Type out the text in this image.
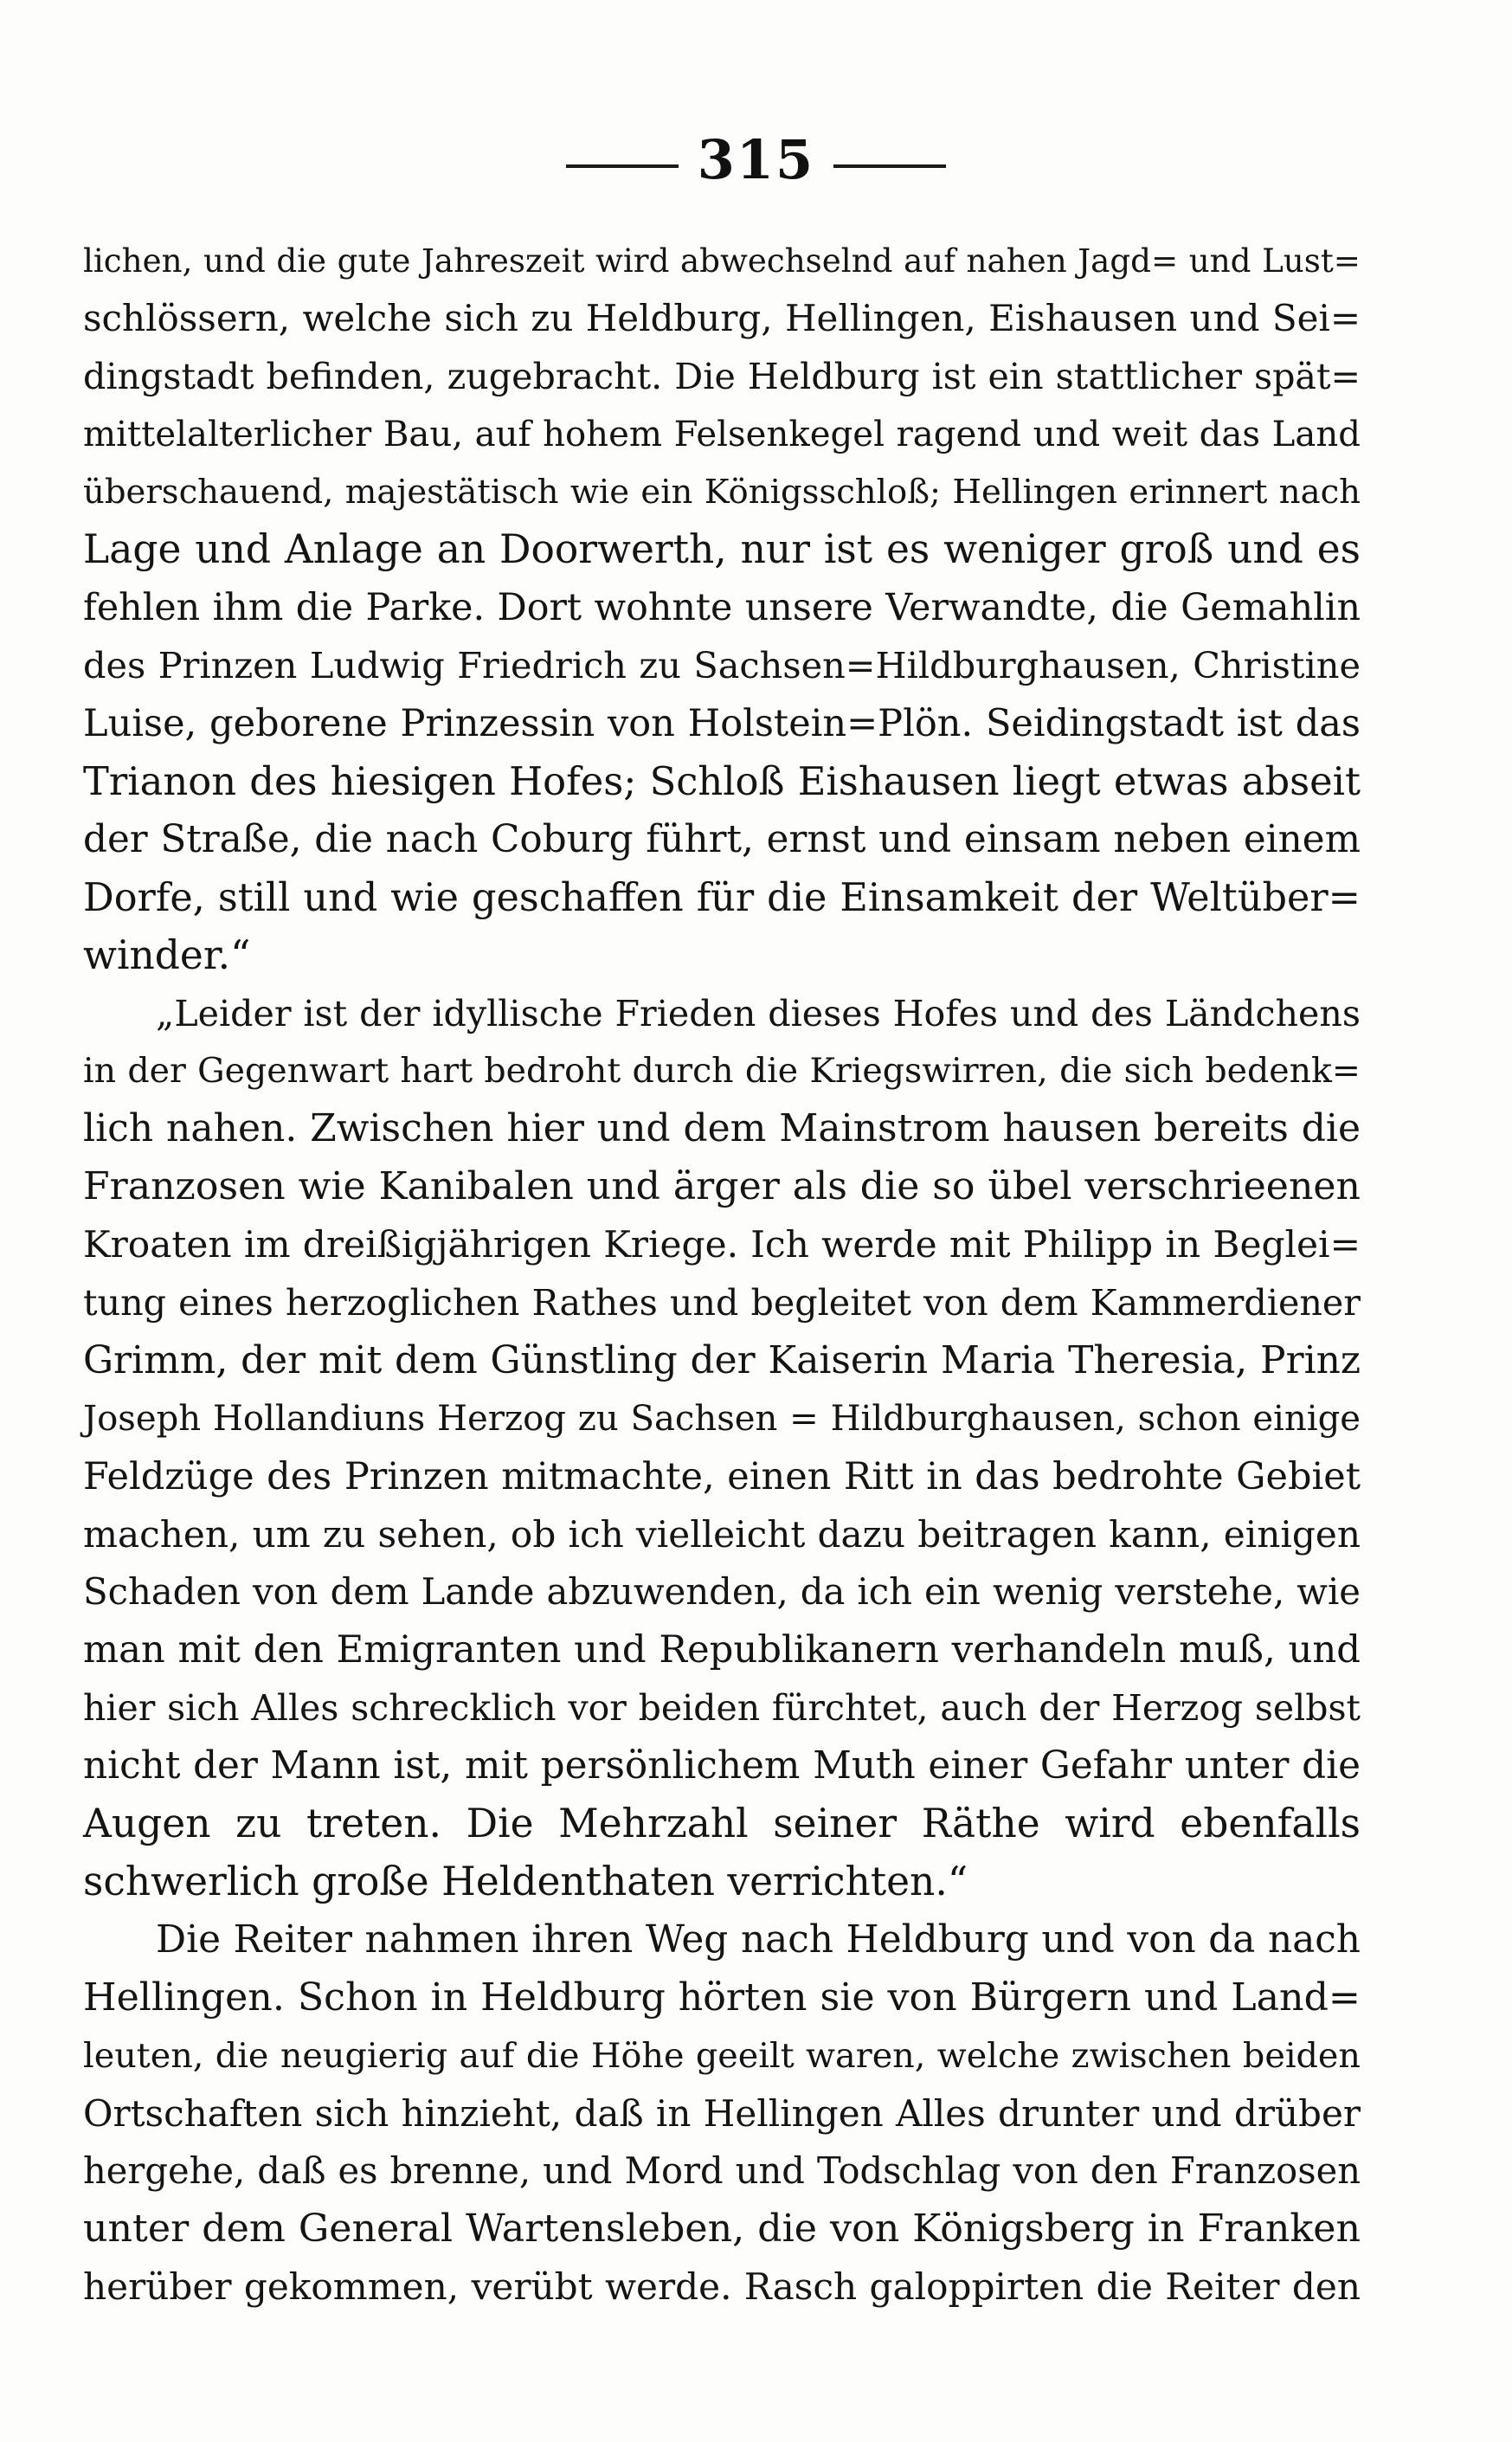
315
lichen, und die gute Jahreszeit wird abwechselnd auf nahen Jagd= und Lust=
schlössern, welche sich zu Heldburg, Hellingen, Eishausen und Sei=
dingstadt befinden, zugebracht. Die Heldburg ist ein stattlicher spät=
mittelalterlicher Bau, auf hohem Felsenkegel ragend und weit das Land
überschauend, majestätisch wie ein Königsschloß; Hellingen erinnert nach
Lage und Anlage an Doorwerth, nur ist es weniger groß und es
fehlen ihm die Parke. Dort wohnte unsere Verwandte, die Gemahlin
des Prinzen Ludwig Friedrich zu Sachsen=Hildburghausen, Christine
Luise, geborene Prinzessin von Holstein=Plön. Seidingstadt ist das
Trianon des hiesigen Hofes; Schloß Eishausen liegt etwas abseit
der Straße, die nach Coburg führt, ernst und einsam neben einem
Dorfe, still und wie geschaffen für die Einsamkeit der Weltüber=
winder.“
„Leider ist der idyllische Frieden dieses Hofes und des Ländchens
in der Gegenwart hart bedroht durch die Kriegswirren, die sich bedenk=
lich nahen. Zwischen hier und dem Mainstrom hausen bereits die
Franzosen wie Kanibalen und ärger als die so übel verschrieenen
Kroaten im dreißigjährigen Kriege. Ich werde mit Philipp in Beglei=
tung eines herzoglichen Rathes und begleitet von dem Kammerdiener
Grimm, der mit dem Günstling der Kaiserin Maria Theresia, Prinz
Joseph Hollandiuns Herzog zu Sachsen = Hildburghausen, schon einige
Feldzüge des Prinzen mitmachte, einen Ritt in das bedrohte Gebiet
machen, um zu sehen, ob ich vielleicht dazu beitragen kann, einigen
Schaden von dem Lande abzuwenden, da ich ein wenig verstehe, wie
man mit den Emigranten und Republikanern verhandeln muß, und
hier sich Alles schrecklich vor beiden fürchtet, auch der Herzog selbst
nicht der Mann ist, mit persönlichem Muth einer Gefahr unter die
Augen zu treten. Die Mehrzahl seiner Räthe wird ebenfalls
schwerlich große Heldenthaten verrichten.“
Die Reiter nahmen ihren Weg nach Heldburg und von da nach
Hellingen. Schon in Heldburg hörten sie von Bürgern und Land=
leuten, die neugierig auf die Höhe geeilt waren, welche zwischen beiden
Ortschaften sich hinzieht, daß in Hellingen Alles drunter und drüber
hergehe, daß es brenne, und Mord und Todschlag von den Franzosen
unter dem General Wartensleben, die von Königsberg in Franken
herüber gekommen, verübt werde. Rasch galoppirten die Reiter den
